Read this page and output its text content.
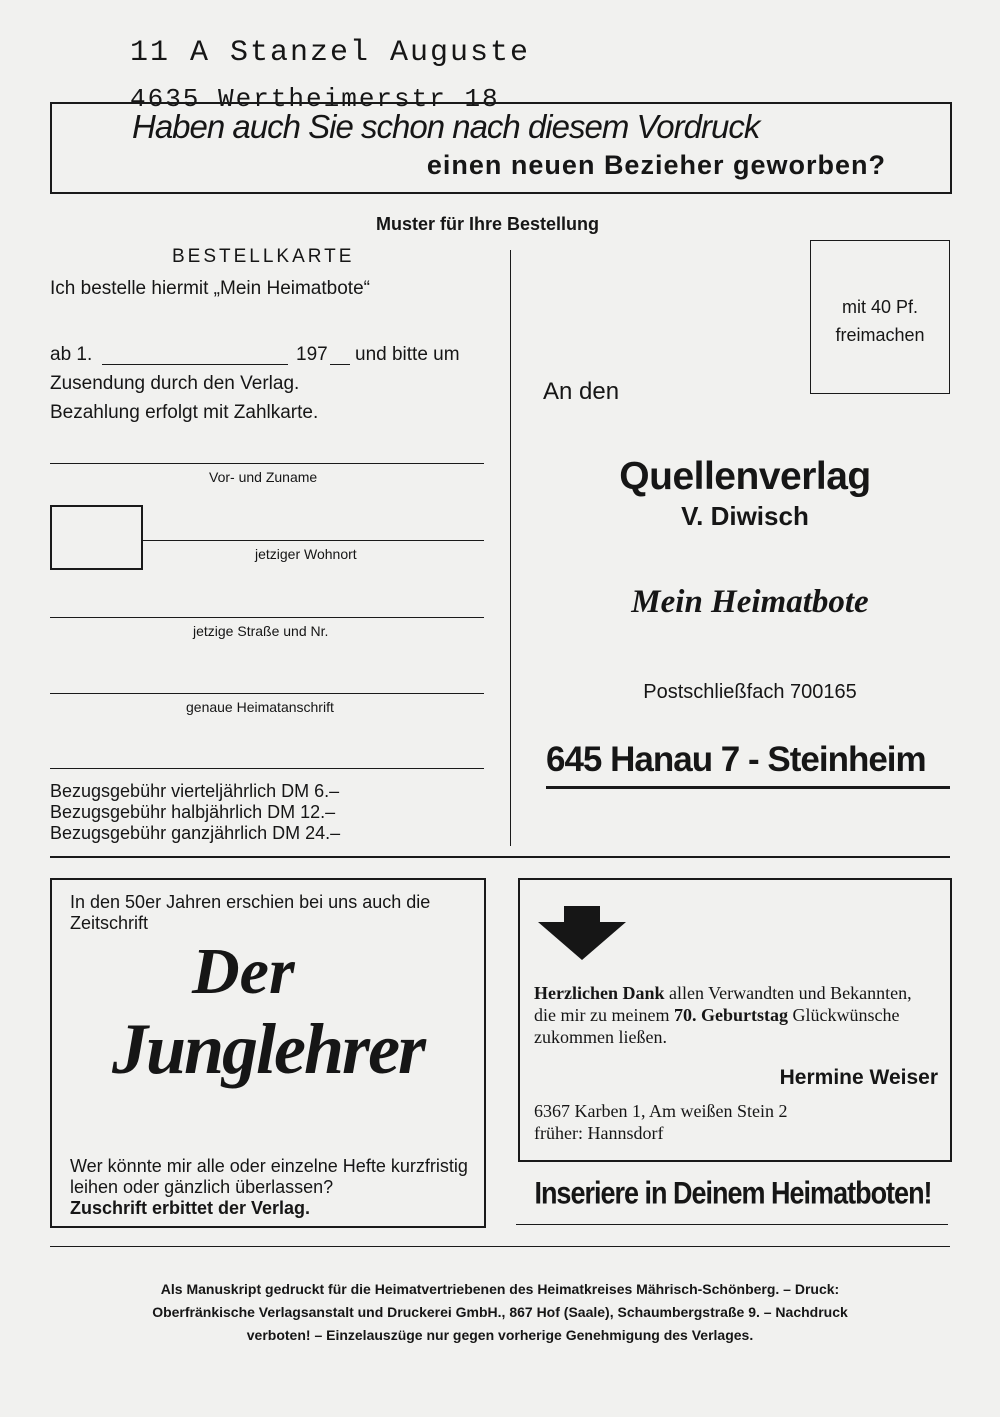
11 A Stanzel Auguste
4635 Wertheimerstr 18
Haben auch Sie schon nach diesem Vordruck
einen neuen Bezieher geworben?
Muster für Ihre Bestellung
BESTELLKARTE
Ich bestelle hiermit „Mein Heimatbote“
ab 1.	197 und bitte um
Zusendung durch den Verlag.
Bezahlung erfolgt mit Zahlkarte.
Vor- und Zuname
jetziger Wohnort
jetzige Straße und Nr.
genaue Heimatanschrift
Bezugsgebühr vierteljährlich DM 6.–
Bezugsgebühr halbjährlich DM 12.–
Bezugsgebühr ganzjährlich DM 24.–
mit 40 Pf.
freimachen
An den
Quellenverlag
V. Diwisch
Mein Heimatbote
Postschließfach 700165
645 Hanau 7 - Steinheim
In den 50er Jahren erschien bei uns auch die Zeitschrift
Der
Junglehrer
Wer könnte mir alle oder einzelne Hefte kurzfristig leihen oder gänzlich überlassen?
Zuschrift erbittet der Verlag.
Herzlichen Dank allen Verwandten und Bekannten, die mir zu meinem 70. Geburtstag Glückwünsche zukommen ließen.
Hermine Weiser
6367 Karben 1, Am weißen Stein 2
früher: Hannsdorf
Inseriere in Deinem Heimatboten!
Als Manuskript gedruckt für die Heimatvertriebenen des Heimatkreises Mährisch-Schönberg. – Druck:
Oberfränkische Verlagsanstalt und Druckerei GmbH., 867 Hof (Saale), Schaumbergstraße 9. – Nachdruck
verboten! – Einzelauszüge nur gegen vorherige Genehmigung des Verlages.
